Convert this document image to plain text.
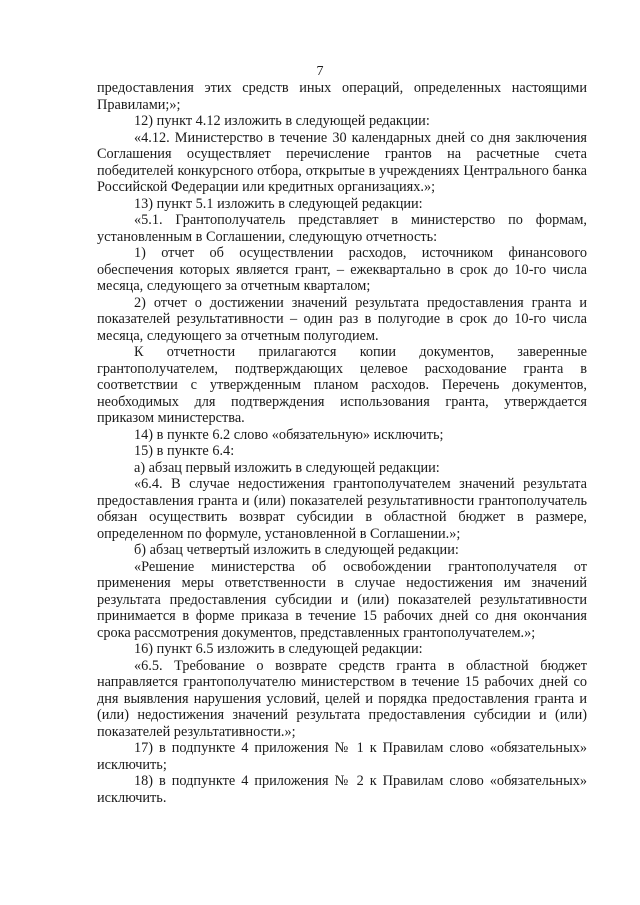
7

предоставления этих средств иных операций, определенных настоящими Правилами;»;

12) пункт 4.12 изложить в следующей редакции:

«4.12. Министерство в течение 30 календарных дней со дня заключения Соглашения осуществляет перечисление грантов на расчетные счета победителей конкурсного отбора, открытые в учреждениях Центрального банка Российской Федерации или кредитных организациях.»;

13) пункт 5.1 изложить в следующей редакции:

«5.1. Грантополучатель представляет в министерство по формам, установленным в Соглашении, следующую отчетность:

1) отчет об осуществлении расходов, источником финансового обеспечения которых является грант, – ежеквартально в срок до 10-го числа месяца, следующего за отчетным кварталом;

2) отчет о достижении значений результата предоставления гранта и показателей результативности – один раз в полугодие в срок до 10-го числа месяца, следующего за отчетным полугодием.

К отчетности прилагаются копии документов, заверенные грантополучателем, подтверждающих целевое расходование гранта в соответствии с утвержденным планом расходов. Перечень документов, необходимых для подтверждения использования гранта, утверждается приказом министерства.

14) в пункте 6.2 слово «обязательную» исключить;

15) в пункте 6.4:

а) абзац первый изложить в следующей редакции:

«6.4. В случае недостижения грантополучателем значений результата предоставления гранта и (или) показателей результативности грантополучатель обязан осуществить возврат субсидии в областной бюджет в размере, определенном по формуле, установленной в Соглашении.»;

б) абзац четвертый изложить в следующей редакции:

«Решение министерства об освобождении грантополучателя от применения меры ответственности в случае недостижения им значений результата предоставления субсидии и (или) показателей результативности принимается в форме приказа в течение 15 рабочих дней со дня окончания срока рассмотрения документов, представленных грантополучателем.»;

16) пункт 6.5 изложить в следующей редакции:

«6.5. Требование о возврате средств гранта в областной бюджет направляется грантополучателю министерством в течение 15 рабочих дней со дня выявления нарушения условий, целей и порядка предоставления гранта и (или) недостижения значений результата предоставления субсидии и (или) показателей результативности.»;

17) в подпункте 4 приложения № 1 к Правилам слово «обязательных» исключить;

18) в подпункте 4 приложения № 2 к Правилам слово «обязательных» исключить.
